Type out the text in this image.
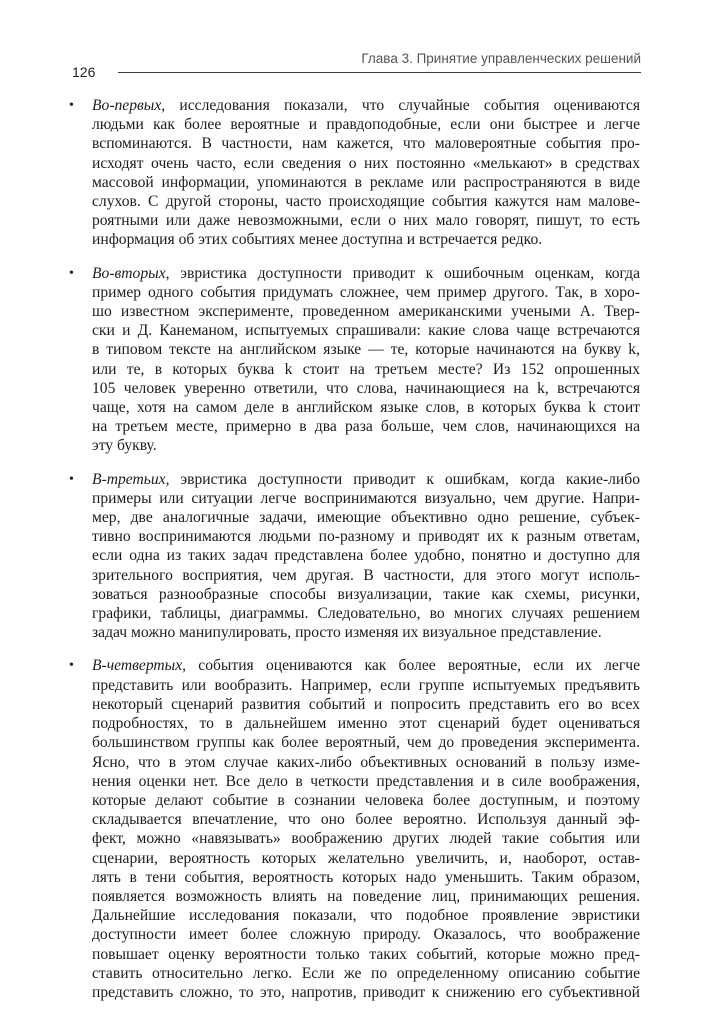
126
Глава 3. Принятие управленческих решений
• Во-первых, исследования показали, что случайные события оцениваются
людьми как более вероятные и правдоподобные, если они быстрее и легче
вспоминаются. В частности, нам кажется, что маловероятные события про-
исходят очень часто, если сведения о них постоянно «мелькают» в средствах
массовой информации, упоминаются в рекламе или распространяются в виде
слухов. С другой стороны, часто происходящие события кажутся нам малове-
роятными или даже невозможными, если о них мало говорят, пишут, то есть
информация об этих событиях менее доступна и встречается редко.
• Во-вторых, эвристика доступности приводит к ошибочным оценкам, когда
пример одного события придумать сложнее, чем пример другого. Так, в хоро-
шо известном эксперименте, проведенном американскими учеными А. Твер-
ски и Д. Канеманом, испытуемых спрашивали: какие слова чаще встречаются
в типовом тексте на английском языке — те, которые начинаются на букву k,
или те, в которых буква k стоит на третьем месте? Из 152 опрошенных
105 человек уверенно ответили, что слова, начинающиеся на k, встречаются
чаще, хотя на самом деле в английском языке слов, в которых буква k стоит
на третьем месте, примерно в два раза больше, чем слов, начинающихся на
эту букву.
• В-третьих, эвристика доступности приводит к ошибкам, когда какие-либо
примеры или ситуации легче воспринимаются визуально, чем другие. Напри-
мер, две аналогичные задачи, имеющие объективно одно решение, субъек-
тивно воспринимаются людьми по-разному и приводят их к разным ответам,
если одна из таких задач представлена более удобно, понятно и доступно для
зрительного восприятия, чем другая. В частности, для этого могут исполь-
зоваться разнообразные способы визуализации, такие как схемы, рисунки,
графики, таблицы, диаграммы. Следовательно, во многих случаях решением
задач можно манипулировать, просто изменяя их визуальное представление.
• В-четвертых, события оцениваются как более вероятные, если их легче
представить или вообразить. Например, если группе испытуемых предъявить
некоторый сценарий развития событий и попросить представить его во всех
подробностях, то в дальнейшем именно этот сценарий будет оцениваться
большинством группы как более вероятный, чем до проведения эксперимента.
Ясно, что в этом случае каких-либо объективных оснований в пользу изме-
нения оценки нет. Все дело в четкости представления и в силе воображения,
которые делают событие в сознании человека более доступным, и поэтому
складывается впечатление, что оно более вероятно. Используя данный эф-
фект, можно «навязывать» воображению других людей такие события или
сценарии, вероятность которых желательно увеличить, и, наоборот, остав-
лять в тени события, вероятность которых надо уменьшить. Таким образом,
появляется возможность влиять на поведение лиц, принимающих решения.
Дальнейшие исследования показали, что подобное проявление эвристики
доступности имеет более сложную природу. Оказалось, что воображение
повышает оценку вероятности только таких событий, которые можно пред-
ставить относительно легко. Если же по определенному описанию событие
представить сложно, то это, напротив, приводит к снижению его субъективной
